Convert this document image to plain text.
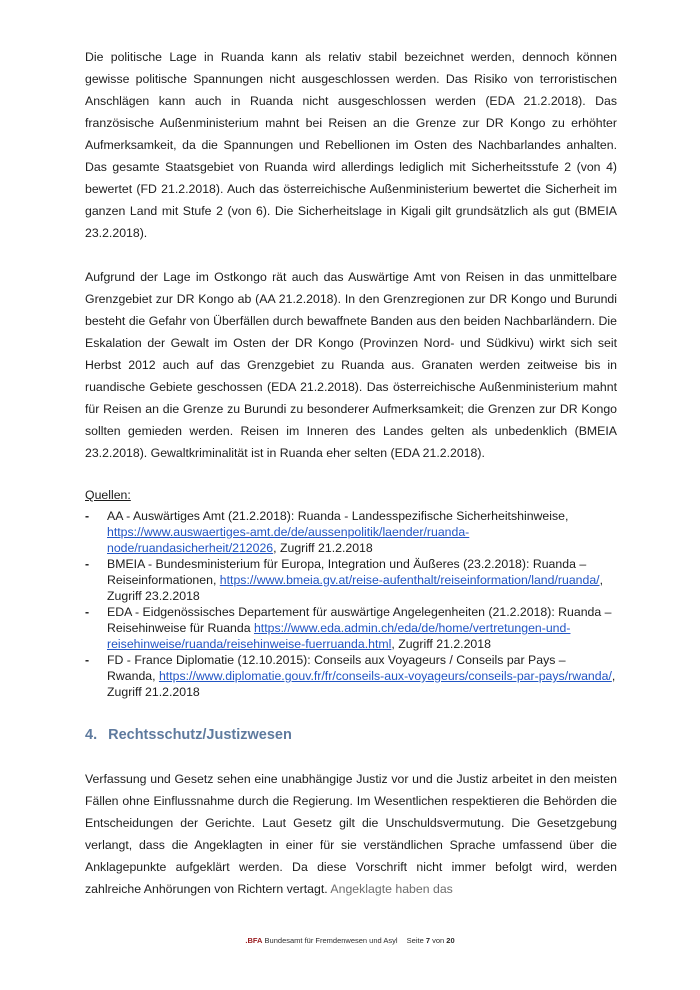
Die politische Lage in Ruanda kann als relativ stabil bezeichnet werden, dennoch können gewisse politische Spannungen nicht ausgeschlossen werden. Das Risiko von terroristischen Anschlägen kann auch in Ruanda nicht ausgeschlossen werden (EDA 21.2.2018). Das französische Außenministerium mahnt bei Reisen an die Grenze zur DR Kongo zu erhöhter Aufmerksamkeit, da die Spannungen und Rebellionen im Osten des Nachbarlandes anhalten. Das gesamte Staatsgebiet von Ruanda wird allerdings lediglich mit Sicherheitsstufe 2 (von 4) bewertet (FD 21.2.2018). Auch das österreichische Außenministerium bewertet die Sicherheit im ganzen Land mit Stufe 2 (von 6). Die Sicherheitslage in Kigali gilt grundsätzlich als gut (BMEIA 23.2.2018).

Aufgrund der Lage im Ostkongo rät auch das Auswärtige Amt von Reisen in das unmittelbare Grenzgebiet zur DR Kongo ab (AA 21.2.2018). In den Grenzregionen zur DR Kongo und Burundi besteht die Gefahr von Überfällen durch bewaffnete Banden aus den beiden Nachbarländern. Die Eskalation der Gewalt im Osten der DR Kongo (Provinzen Nord- und Südkivu) wirkt sich seit Herbst 2012 auch auf das Grenzgebiet zu Ruanda aus. Granaten werden zeitweise bis in ruandische Gebiete geschossen (EDA 21.2.2018). Das österreichische Außenministerium mahnt für Reisen an die Grenze zu Burundi zu besonderer Aufmerksamkeit; die Grenzen zur DR Kongo sollten gemieden werden. Reisen im Inneren des Landes gelten als unbedenklich (BMEIA 23.2.2018). Gewaltkriminalität ist in Ruanda eher selten (EDA 21.2.2018).

Quellen:
- AA - Auswärtiges Amt (21.2.2018): Ruanda - Landesspezifische Sicherheitshinweise, https://www.auswaertiges-amt.de/de/aussenpolitik/laender/ruanda-node/ruandasicherheit/212026, Zugriff 21.2.2018
- BMEIA - Bundesministerium für Europa, Integration und Äußeres (23.2.2018): Ruanda – Reiseinformationen, https://www.bmeia.gv.at/reise-aufenthalt/reiseinformation/land/ruanda/, Zugriff 23.2.2018
- EDA - Eidgenössisches Departement für auswärtige Angelegenheiten (21.2.2018): Ruanda – Reisehinweise für Ruanda https://www.eda.admin.ch/eda/de/home/vertretungen-und-reisehinweise/ruanda/reisehinweise-fuerruanda.html, Zugriff 21.2.2018
- FD - France Diplomatie (12.10.2015): Conseils aux Voyageurs / Conseils par Pays – Rwanda, https://www.diplomatie.gouv.fr/fr/conseils-aux-voyageurs/conseils-par-pays/rwanda/, Zugriff 21.2.2018
4. Rechtsschutz/Justizwesen

Verfassung und Gesetz sehen eine unabhängige Justiz vor und die Justiz arbeitet in den meisten Fällen ohne Einflussnahme durch die Regierung. Im Wesentlichen respektieren die Behörden die Entscheidungen der Gerichte. Laut Gesetz gilt die Unschuldsvermutung. Die Gesetzgebung verlangt, dass die Angeklagten in einer für sie verständlichen Sprache umfassend über die Anklagepunkte aufgeklärt werden. Da diese Vorschrift nicht immer befolgt wird, werden zahlreiche Anhörungen von Richtern vertagt. Angeklagte haben das

.BFA Bundesamt für Fremdenwesen und Asyl Seite 7 von 20
